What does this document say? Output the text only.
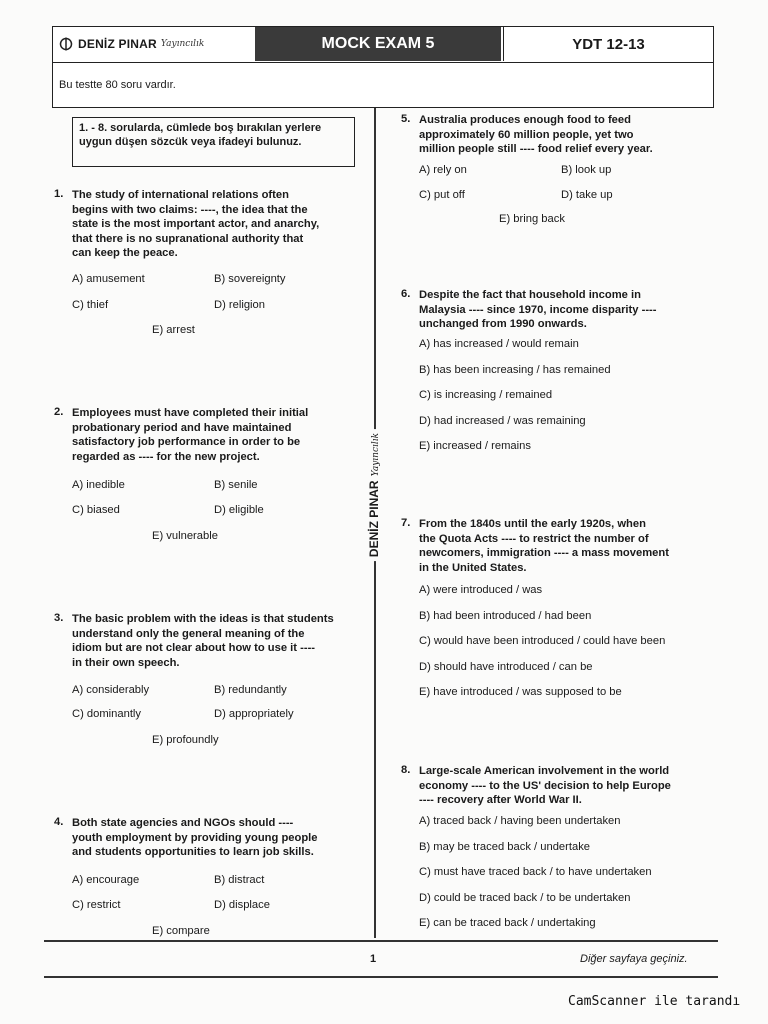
DENİZ PINAR Yayıncılık	MOCK EXAM 5	YDT 12-13
Bu testte 80 soru vardır.
DENİZ PINAR
Yayıncılık
1. - 8. sorularda, cümlede boş bırakılan yerlere uygun düşen sözcük veya ifadeyi bulunuz.
1. The study of international relations often
begins with two claims: ----, the idea that the
state is the most important actor, and anarchy,
that there is no supranational authority that
can keep the peace.
A) amusement	B) sovereignty
C) thief	D) religion
E) arrest
2. Employees must have completed their initial
probationary period and have maintained
satisfactory job performance in order to be
regarded as ---- for the new project.
A) inedible	B) senile
C) biased	D) eligible
E) vulnerable
3. The basic problem with the ideas is that students
understand only the general meaning of the
idiom but are not clear about how to use it ----
in their own speech.
A) considerably	B) redundantly
C) dominantly	D) appropriately
E) profoundly
4. Both state agencies and NGOs should ----
youth employment by providing young people
and students opportunities to learn job skills.
A) encourage	B) distract
C) restrict	D) displace
E) compare
5. Australia produces enough food to feed
approximately 60 million people, yet two
million people still ---- food relief every year.
A) rely on	B) look up
C) put off	D) take up
E) bring back
6. Despite the fact that household income in
Malaysia ---- since 1970, income disparity ----
unchanged from 1990 onwards.
A) has increased / would remain
B) has been increasing / has remained
C) is increasing / remained
D) had increased / was remaining
E) increased / remains
7. From the 1840s until the early 1920s, when
the Quota Acts ---- to restrict the number of
newcomers, immigration ---- a mass movement
in the United States.
A) were introduced / was
B) had been introduced / had been
C) would have been introduced / could have been
D) should have introduced / can be
E) have introduced / was supposed to be
8. Large-scale American involvement in the world
economy ---- to the US' decision to help Europe
---- recovery after World War II.
A) traced back / having been undertaken
B) may be traced back / undertake
C) must have traced back / to have undertaken
D) could be traced back / to be undertaken
E) can be traced back / undertaking
1	Diğer sayfaya geçiniz.
CamScanner ile tarandı
